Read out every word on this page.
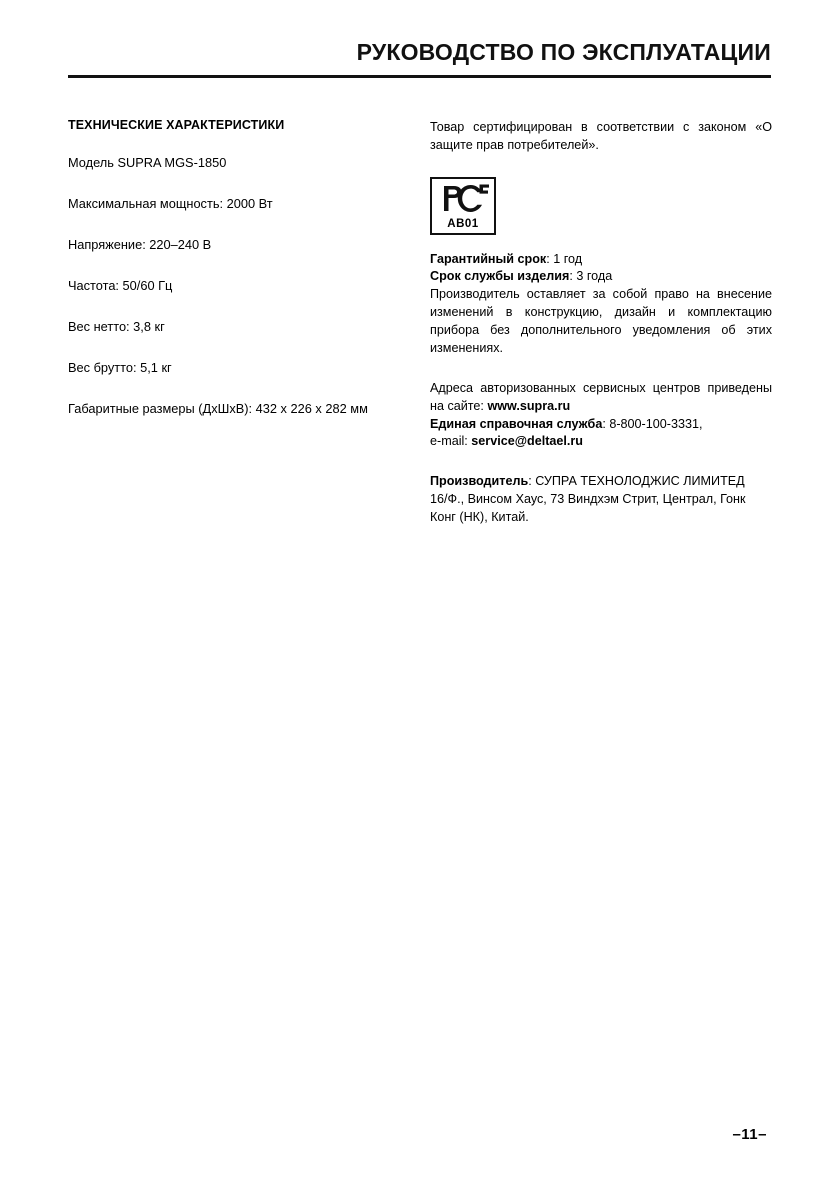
РУКОВОДСТВО ПО ЭКСПЛУАТАЦИИ
ТЕХНИЧЕСКИЕ ХАРАКТЕРИСТИКИ
Модель SUPRA MGS-1850
Максимальная мощность: 2000 Вт
Напряжение: 220–240 В
Частота: 50/60 Гц
Вес нетто: 3,8 кг
Вес брутто: 5,1 кг
Габаритные размеры (ДхШхВ): 432 х 226 х 282 мм

Товар сертифицирован в соответствии с законом «О защите прав потребителей».

АВ01

Гарантийный срок: 1 год

Срок службы изделия: 3 года

Производитель оставляет за собой право на внесение изменений в конструкцию, дизайн и комплектацию прибора без дополнительного уведомления об этих изменениях.

Адреса авторизованных сервисных центров приведены на сайте: www.supra.ru

Единая справочная служба: 8-800-100-3331,

e-mail: service@deltael.ru

Производитель: СУПРА ТЕХНОЛОДЖИС ЛИМИТЕД

16/Ф., Винсом Хаус, 73 Виндхэм Стрит, Централ, Гонк Конг (НК), Китай.

–11–
